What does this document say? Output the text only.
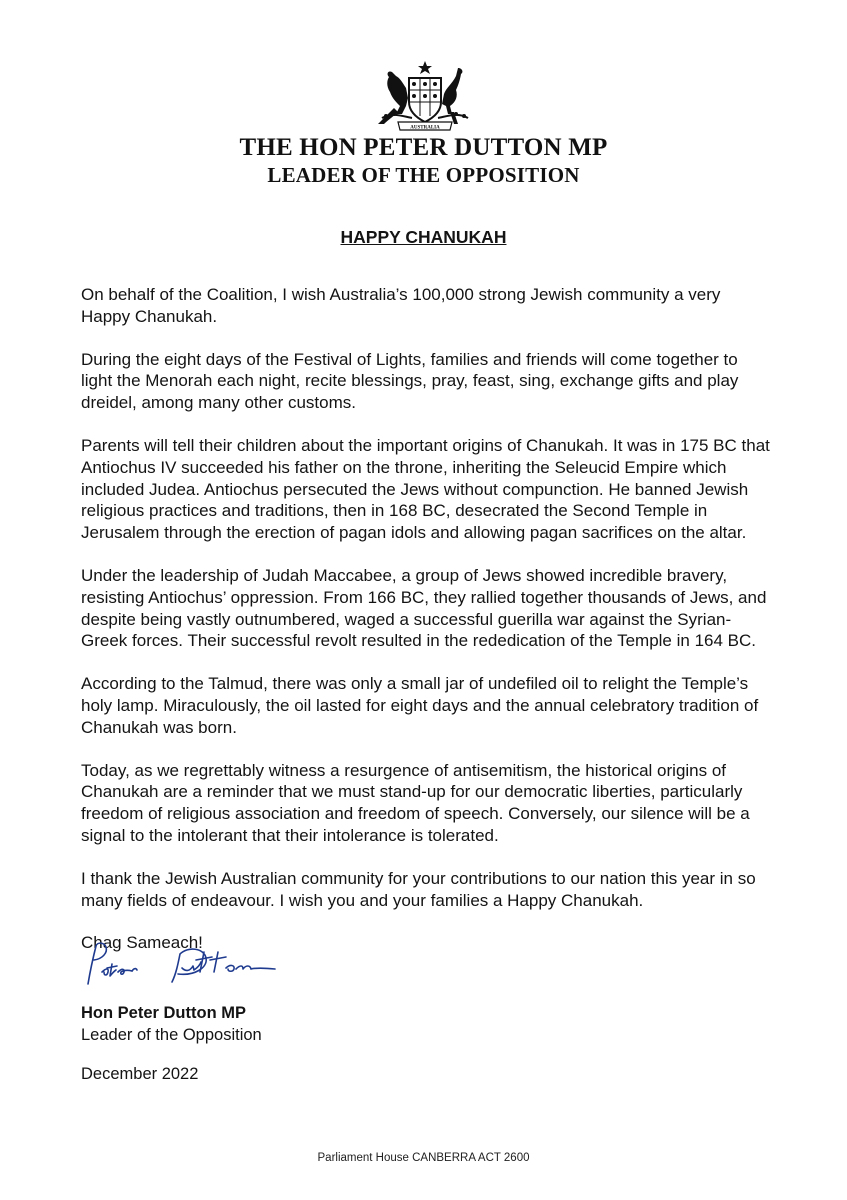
AUSTRALIA
THE HON PETER DUTTON MP
LEADER OF THE OPPOSITION
HAPPY CHANUKAH

On behalf of the Coalition, I wish Australia’s 100,000 strong Jewish community a very Happy Chanukah.

During the eight days of the Festival of Lights, families and friends will come together to light the Menorah each night, recite blessings, pray, feast, sing, exchange gifts and play dreidel, among many other customs.

Parents will tell their children about the important origins of Chanukah. It was in 175 BC that Antiochus IV succeeded his father on the throne, inheriting the Seleucid Empire which included Judea. Antiochus persecuted the Jews without compunction. He banned Jewish religious practices and traditions, then in 168 BC, desecrated the Second Temple in Jerusalem through the erection of pagan idols and allowing pagan sacrifices on the altar.

Under the leadership of Judah Maccabee, a group of Jews showed incredible bravery, resisting Antiochus’ oppression. From 166 BC, they rallied together thousands of Jews, and despite being vastly outnumbered, waged a successful guerilla war against the Syrian-Greek forces. Their successful revolt resulted in the rededication of the Temple in 164 BC.

According to the Talmud, there was only a small jar of undefiled oil to relight the Temple’s holy lamp. Miraculously, the oil lasted for eight days and the annual celebratory tradition of Chanukah was born.

Today, as we regrettably witness a resurgence of antisemitism, the historical origins of Chanukah are a reminder that we must stand-up for our democratic liberties, particularly freedom of religious association and freedom of speech. Conversely, our silence will be a signal to the intolerant that their intolerance is tolerated.

I thank the Jewish Australian community for your contributions to our nation this year in so many fields of endeavour. I wish you and your families a Happy Chanukah.

Chag Sameach!

Hon Peter Dutton MP
Leader of the Opposition
December 2022
Parliament House CANBERRA ACT 2600
